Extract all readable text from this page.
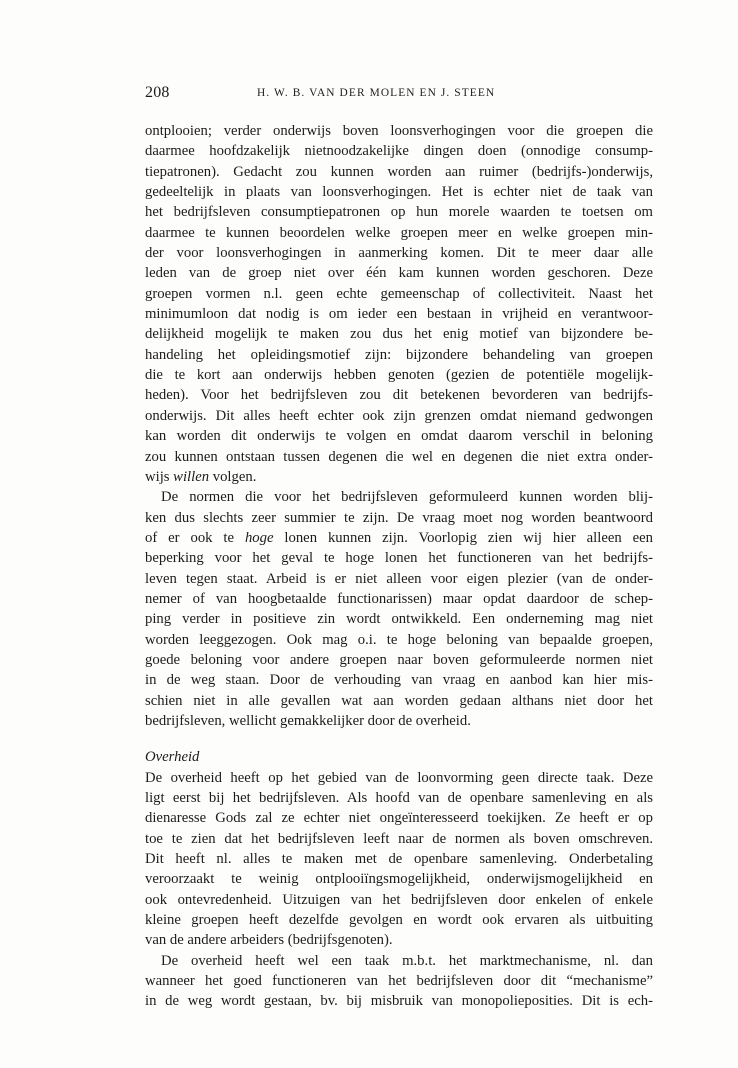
208	H. W. B. VAN DER MOLEN EN J. STEEN
ontplooien; verder onderwijs boven loonsverhogingen voor die groepen die
daarmee hoofdzakelijk nietnoodzakelijke dingen doen (onnodige consump-
tiepatronen). Gedacht zou kunnen worden aan ruimer (bedrijfs-)onderwijs,
gedeeltelijk in plaats van loonsverhogingen. Het is echter niet de taak van
het bedrijfsleven consumptiepatronen op hun morele waarden te toetsen om
daarmee te kunnen beoordelen welke groepen meer en welke groepen min-
der voor loonsverhogingen in aanmerking komen. Dit te meer daar alle
leden van de groep niet over één kam kunnen worden geschoren. Deze
groepen vormen n.l. geen echte gemeenschap of collectiviteit. Naast het
minimumloon dat nodig is om ieder een bestaan in vrijheid en verantwoor-
delijkheid mogelijk te maken zou dus het enig motief van bijzondere be-
handeling het opleidingsmotief zijn: bijzondere behandeling van groepen
die te kort aan onderwijs hebben genoten (gezien de potentiële mogelijk-
heden). Voor het bedrijfsleven zou dit betekenen bevorderen van bedrijfs-
onderwijs. Dit alles heeft echter ook zijn grenzen omdat niemand gedwongen
kan worden dit onderwijs te volgen en omdat daarom verschil in beloning
zou kunnen ontstaan tussen degenen die wel en degenen die niet extra onder-
wijs willen volgen.
De normen die voor het bedrijfsleven geformuleerd kunnen worden blij-
ken dus slechts zeer summier te zijn. De vraag moet nog worden beantwoord
of er ook te hoge lonen kunnen zijn. Voorlopig zien wij hier alleen een
beperking voor het geval te hoge lonen het functioneren van het bedrijfs-
leven tegen staat. Arbeid is er niet alleen voor eigen plezier (van de onder-
nemer of van hoogbetaalde functionarissen) maar opdat daardoor de schep-
ping verder in positieve zin wordt ontwikkeld. Een onderneming mag niet
worden leeggezogen. Ook mag o.i. te hoge beloning van bepaalde groepen,
goede beloning voor andere groepen naar boven geformuleerde normen niet
in de weg staan. Door de verhouding van vraag en aanbod kan hier mis-
schien niet in alle gevallen wat aan worden gedaan althans niet door het
bedrijfsleven, wellicht gemakkelijker door de overheid.
Overheid
De overheid heeft op het gebied van de loonvorming geen directe taak. Deze
ligt eerst bij het bedrijfsleven. Als hoofd van de openbare samenleving en als
dienaresse Gods zal ze echter niet ongeïnteresseerd toekijken. Ze heeft er op
toe te zien dat het bedrijfsleven leeft naar de normen als boven omschreven.
Dit heeft nl. alles te maken met de openbare samenleving. Onderbetaling
veroorzaakt te weinig ontplooiïngsmogelijkheid, onderwijsmogelijkheid en
ook ontevredenheid. Uitzuigen van het bedrijfsleven door enkelen of enkele
kleine groepen heeft dezelfde gevolgen en wordt ook ervaren als uitbuiting
van de andere arbeiders (bedrijfsgenoten).
De overheid heeft wel een taak m.b.t. het marktmechanisme, nl. dan
wanneer het goed functioneren van het bedrijfsleven door dit “mechanisme”
in de weg wordt gestaan, bv. bij misbruik van monopolieposities. Dit is ech-
